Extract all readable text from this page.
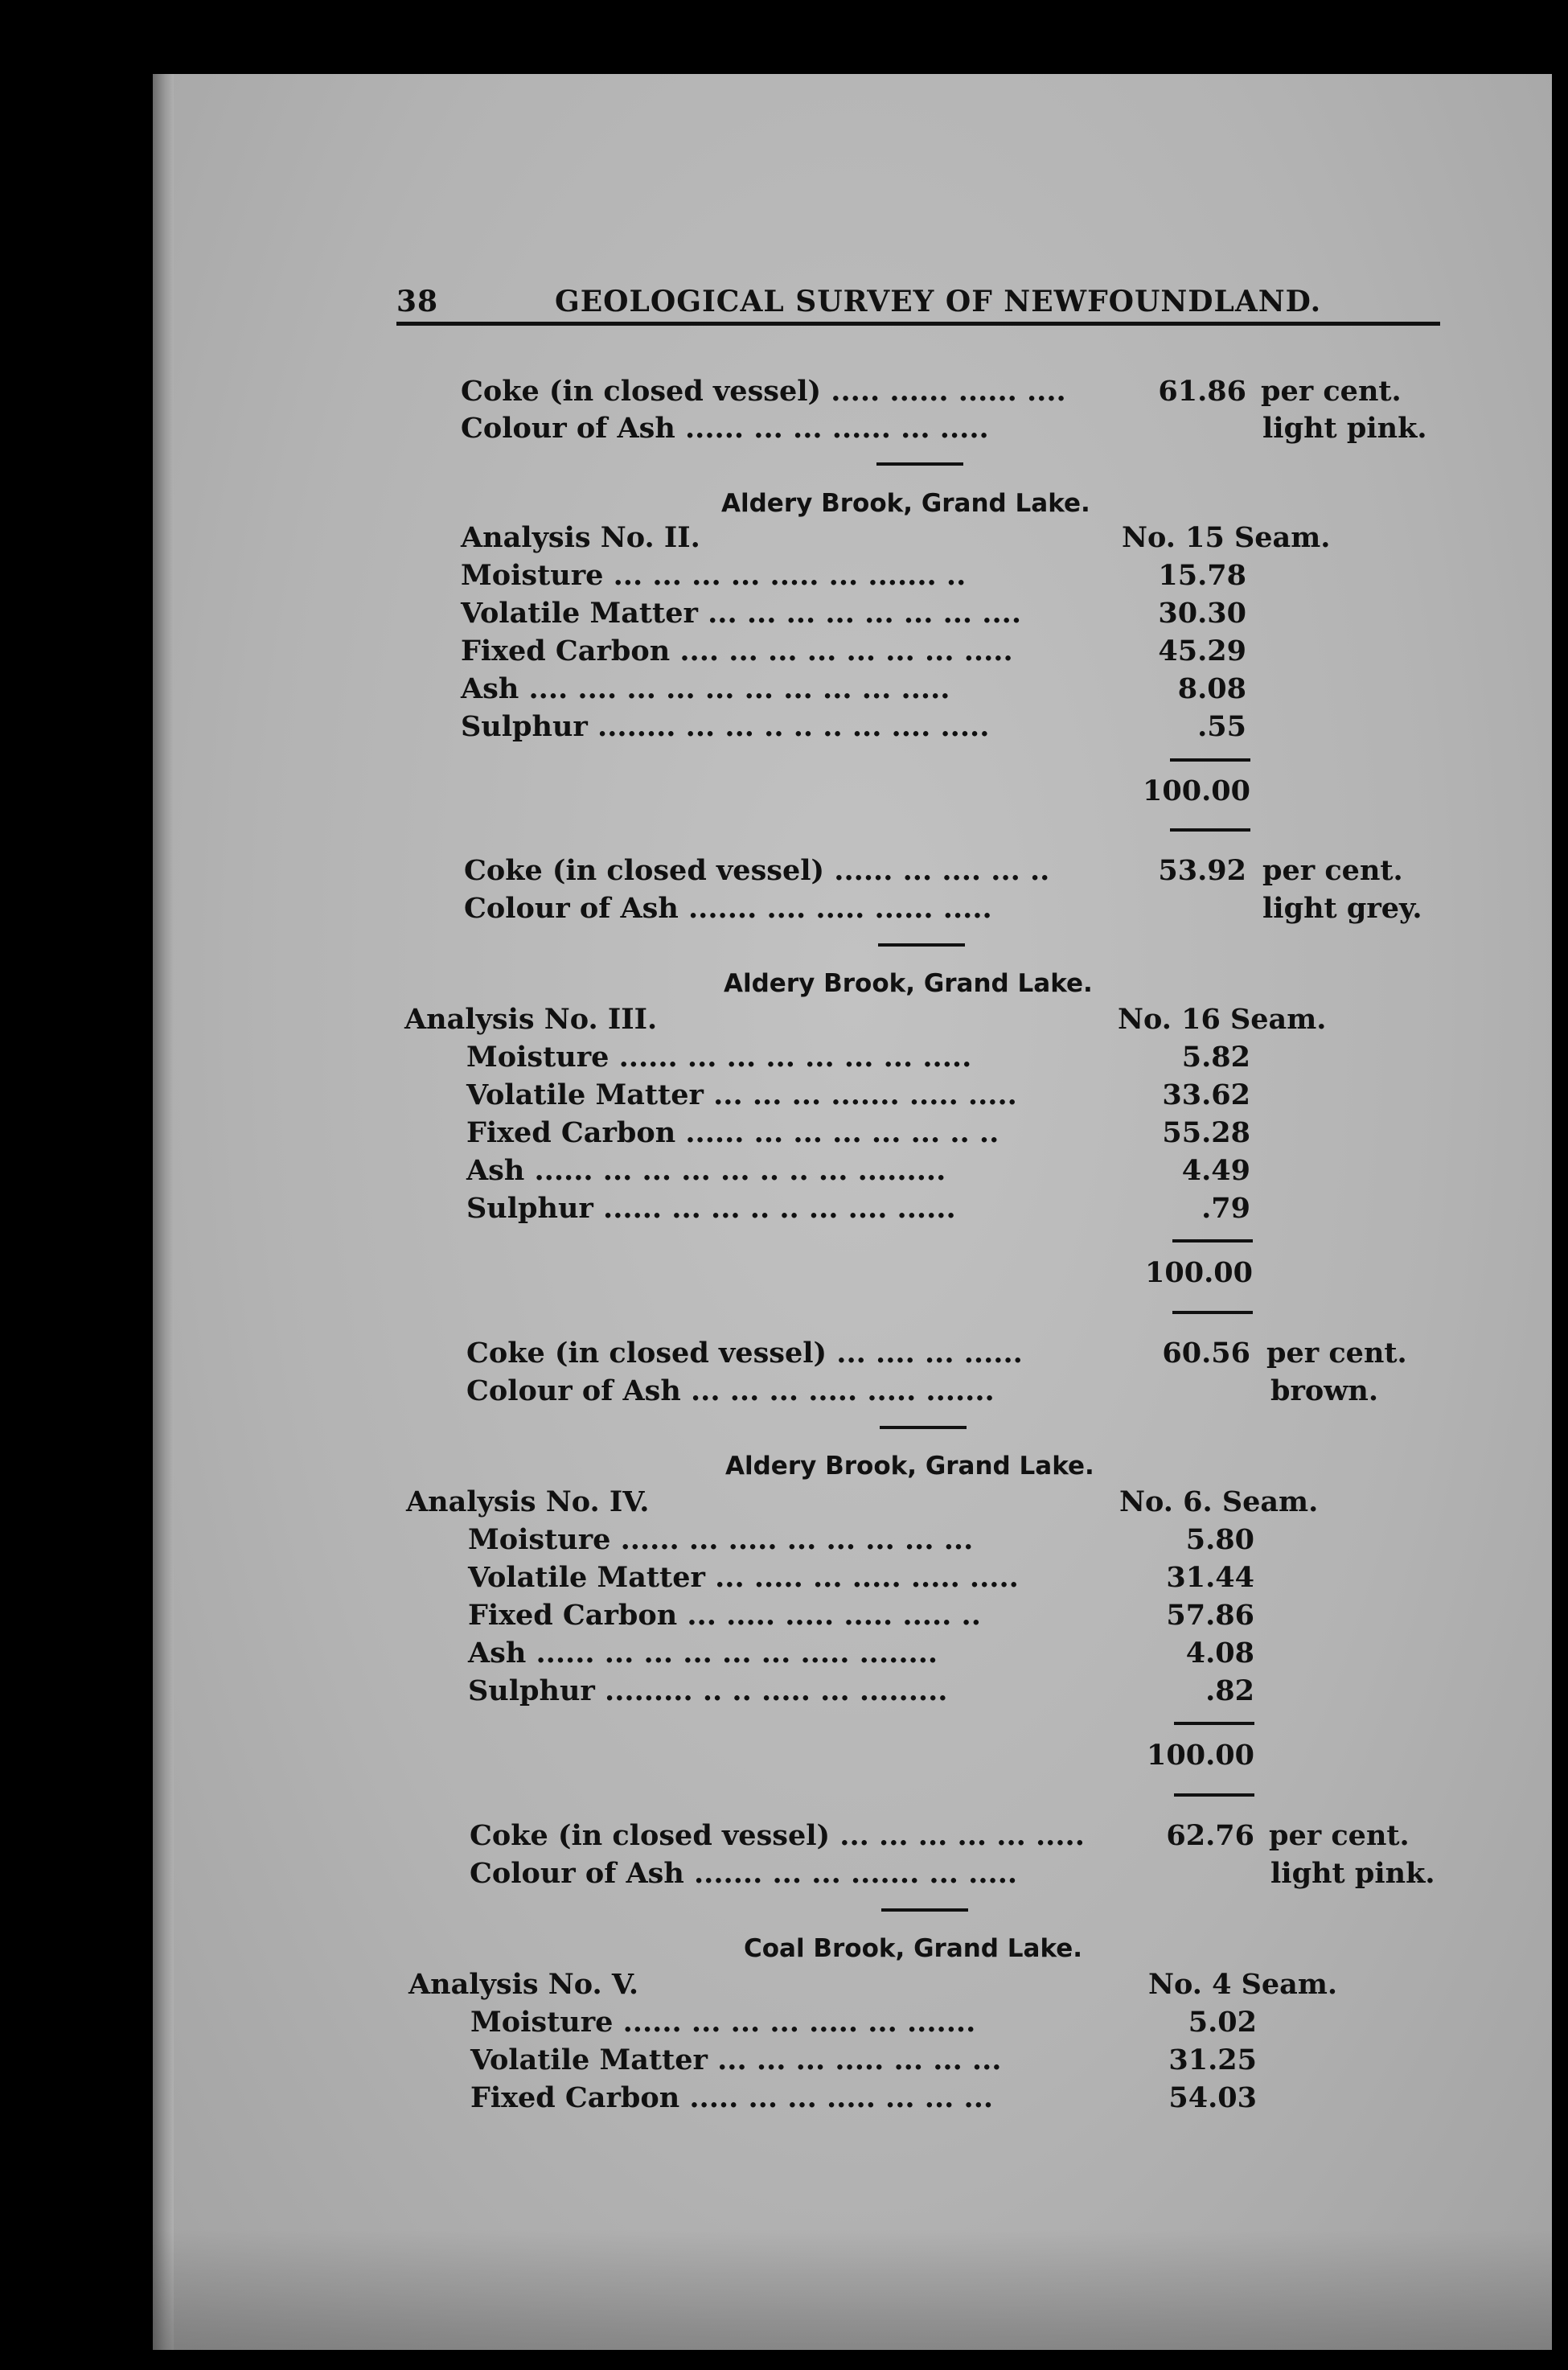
38	GEOLOGICAL SURVEY OF NEWFOUNDLAND.
Coke (in closed vessel) ..... ...... ...... ....	61.86 per cent.
Colour of Ash ...... ... ... ...... ... .....	light pink.
Aldery Brook, Grand Lake.
Analysis No. II.	No. 15 Seam.
Moisture ... ... ... ... ..... ... ....... ..	15.78
Volatile Matter ... ... ... ... ... ... ... ....	30.30
Fixed Carbon .... ... ... ... ... ... ... .....	45.29
Ash .... .... ... ... ... ... ... ... ... .....	8.08
Sulphur ........ ... ... .. .. .. ... .... .....	.55
100.00
Coke (in closed vessel) ...... ... .... ... ..	53.92 per cent.
Colour of Ash ....... .... ..... ...... .....	light grey.
Aldery Brook, Grand Lake.
Analysis No. III.	No. 16 Seam.
Moisture ...... ... ... ... ... ... ... .....	5.82
Volatile Matter ... ... ... ....... ..... .....	33.62
Fixed Carbon ...... ... ... ... ... ... .. ..	55.28
Ash ...... ... ... ... ... .. .. ... .........	4.49
Sulphur ...... ... ... .. .. ... .... ......	.79
100.00
Coke (in closed vessel) ... .... ... ......	60.56 per cent.
Colour of Ash ... ... ... ..... ..... .......	brown.
Aldery Brook, Grand Lake.
Analysis No. IV.	No. 6. Seam.
Moisture ...... ... ..... ... ... ... ... ...	5.80
Volatile Matter ... ..... ... ..... ..... .....	31.44
Fixed Carbon ... ..... ..... ..... ..... ..	57.86
Ash ...... ... ... ... ... ... ..... ........	4.08
Sulphur ......... .. .. ..... ... .........	.82
100.00
Coke (in closed vessel) ... ... ... ... ... .....	62.76 per cent.
Colour of Ash ....... ... ... ....... ... .....	light pink.
Coal Brook, Grand Lake.
Analysis No. V.	No. 4 Seam.
Moisture ...... ... ... ... ..... ... .......	5.02
Volatile Matter ... ... ... ..... ... ... ...	31.25
Fixed Carbon ..... ... ... ..... ... ... ...	54.03
